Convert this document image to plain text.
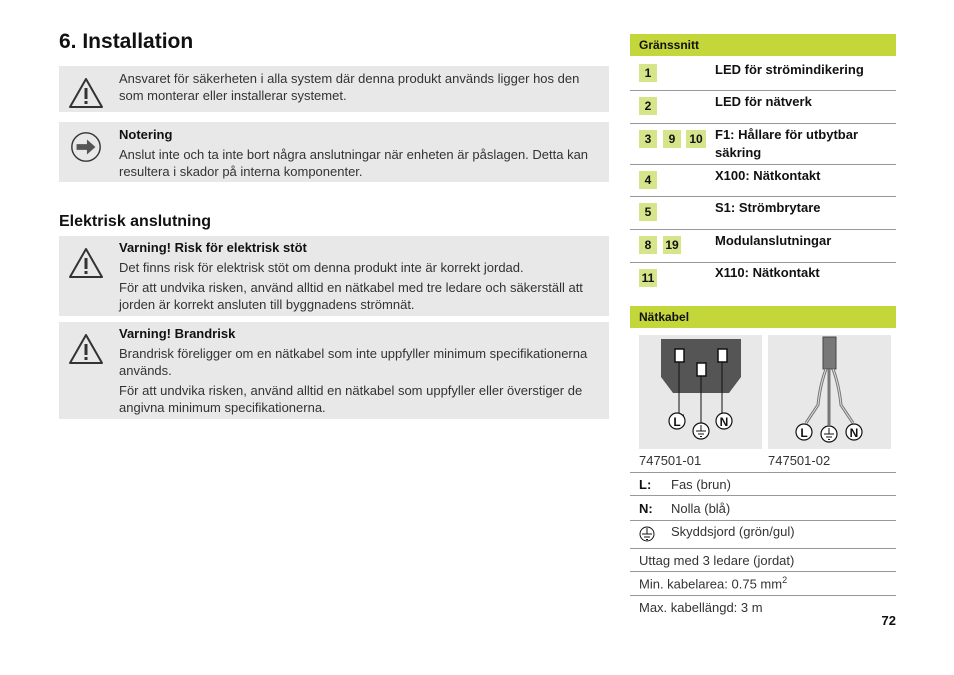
6. Installation

Ansvaret för säkerheten i alla system där denna produkt används ligger hos den som monterar eller installerar systemet.

Notering

Anslut inte och ta inte bort några anslutningar när enheten är påslagen. Detta kan resultera i skador på interna komponenter.

Elektrisk anslutning

Varning! Risk för elektrisk stöt

Det finns risk för elektrisk stöt om denna produkt inte är korrekt jordad.

För att undvika risken, använd alltid en nätkabel med tre ledare och säkerställ att jorden är korrekt ansluten till byggnadens strömnät.

Varning! Brandrisk

Brandrisk föreligger om en nätkabel som inte uppfyller minimum specifikationerna används.

För att undvika risken, använd alltid en nätkabel som uppfyller eller överstiger de angivna minimum specifikationerna.

Gränssnitt
1	LED för strömindikering
2	LED för nätverk
3	9	10 F1: Hållare för utbytbar säkring
4	X100: Nätkontakt
5	S1: Strömbrytare
8	19	Modulanslutningar
11	X110: Nätkontakt
Nätkabel
L	N
L	N
747501-01	747501-02
L: Fas (brun)
N: Nolla (blå)
Skyddsjord (grön/gul)
Uttag med 3 ledare (jordat)
Min. kabelarea: 0.75 $mm^2$
Max. kabellängd: 3 m
72
